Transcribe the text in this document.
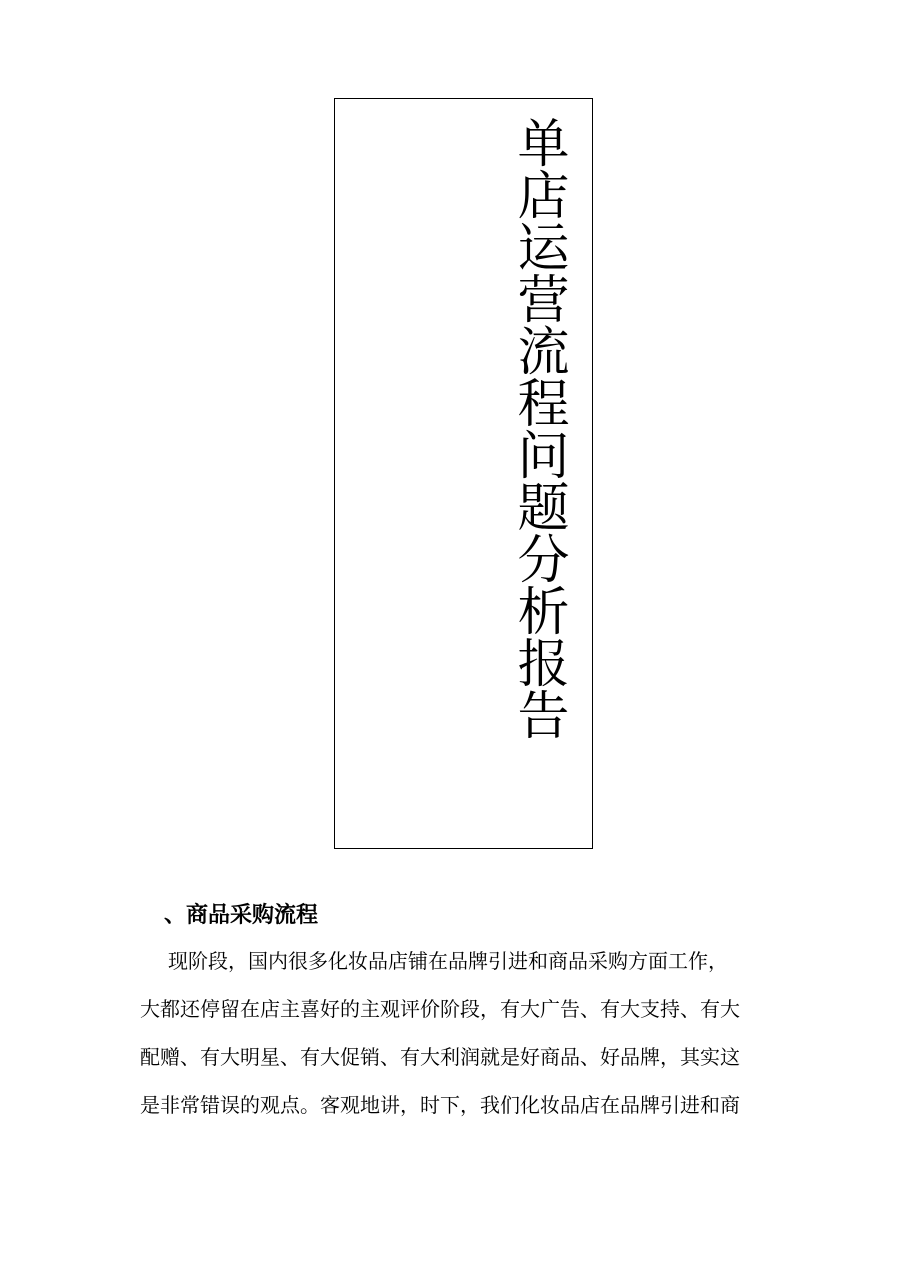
单店运营流程问题分析报告
、商品采购流程
现阶段，国内很多化妆品店铺在品牌引进和商品采购方面工作，
大都还停留在店主喜好的主观评价阶段，有大广告、有大支持、有大
配赠、有大明星、有大促销、有大利润就是好商品、好品牌，其实这
是非常错误的观点。客观地讲，时下，我们化妆品店在品牌引进和商
